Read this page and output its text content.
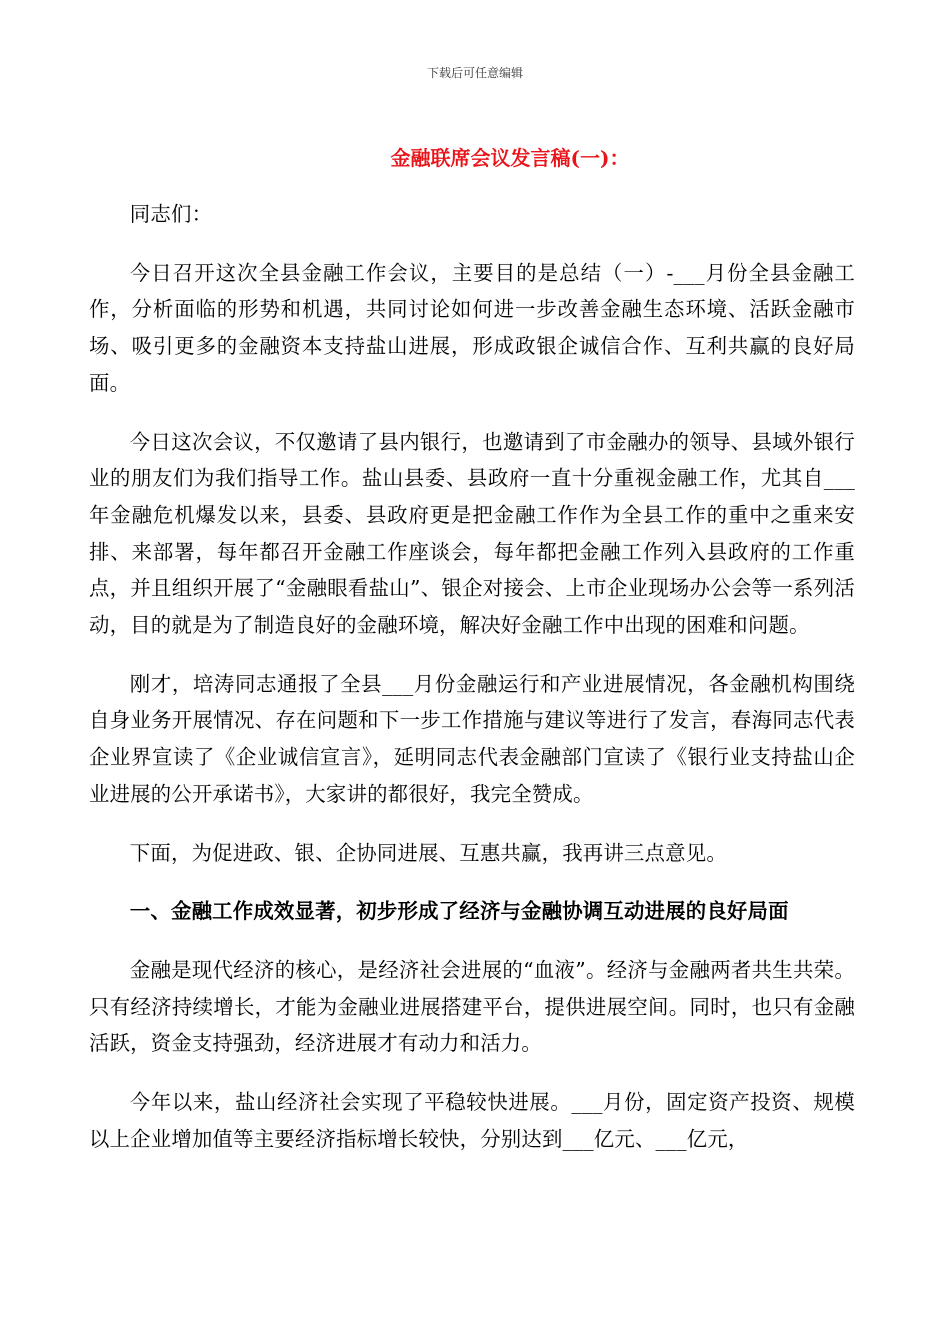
下载后可任意编辑
金融联席会议发言稿(一)：

同志们：

今日召开这次全县金融工作会议，主要目的是总结（一）-___月份全县金融工作，分析面临的形势和机遇，共同讨论如何进一步改善金融生态环境、活跃金融市场、吸引更多的金融资本支持盐山进展，形成政银企诚信合作、互利共赢的良好局面。

今日这次会议，不仅邀请了县内银行，也邀请到了市金融办的领导、县域外银行业的朋友们为我们指导工作。盐山县委、县政府一直十分重视金融工作，尤其自___年金融危机爆发以来，县委、县政府更是把金融工作作为全县工作的重中之重来安排、来部署，每年都召开金融工作座谈会，每年都把金融工作列入县政府的工作重点，并且组织开展了“金融眼看盐山”、银企对接会、上市企业现场办公会等一系列活动，目的就是为了制造良好的金融环境，解决好金融工作中出现的困难和问题。

刚才，培涛同志通报了全县___月份金融运行和产业进展情况，各金融机构围绕自身业务开展情况、存在问题和下一步工作措施与建议等进行了发言，春海同志代表企业界宣读了《企业诚信宣言》，延明同志代表金融部门宣读了《银行业支持盐山企业进展的公开承诺书》，大家讲的都很好，我完全赞成。

下面，为促进政、银、企协同进展、互惠共赢，我再讲三点意见。

一、金融工作成效显著，初步形成了经济与金融协调互动进展的良好局面

金融是现代经济的核心，是经济社会进展的“血液”。经济与金融两者共生共荣。只有经济持续增长，才能为金融业进展搭建平台，提供进展空间。同时，也只有金融活跃，资金支持强劲，经济进展才有动力和活力。

今年以来，盐山经济社会实现了平稳较快进展。___月份，固定资产投资、规模以上企业增加值等主要经济指标增长较快，分别达到___亿元、___亿元，
